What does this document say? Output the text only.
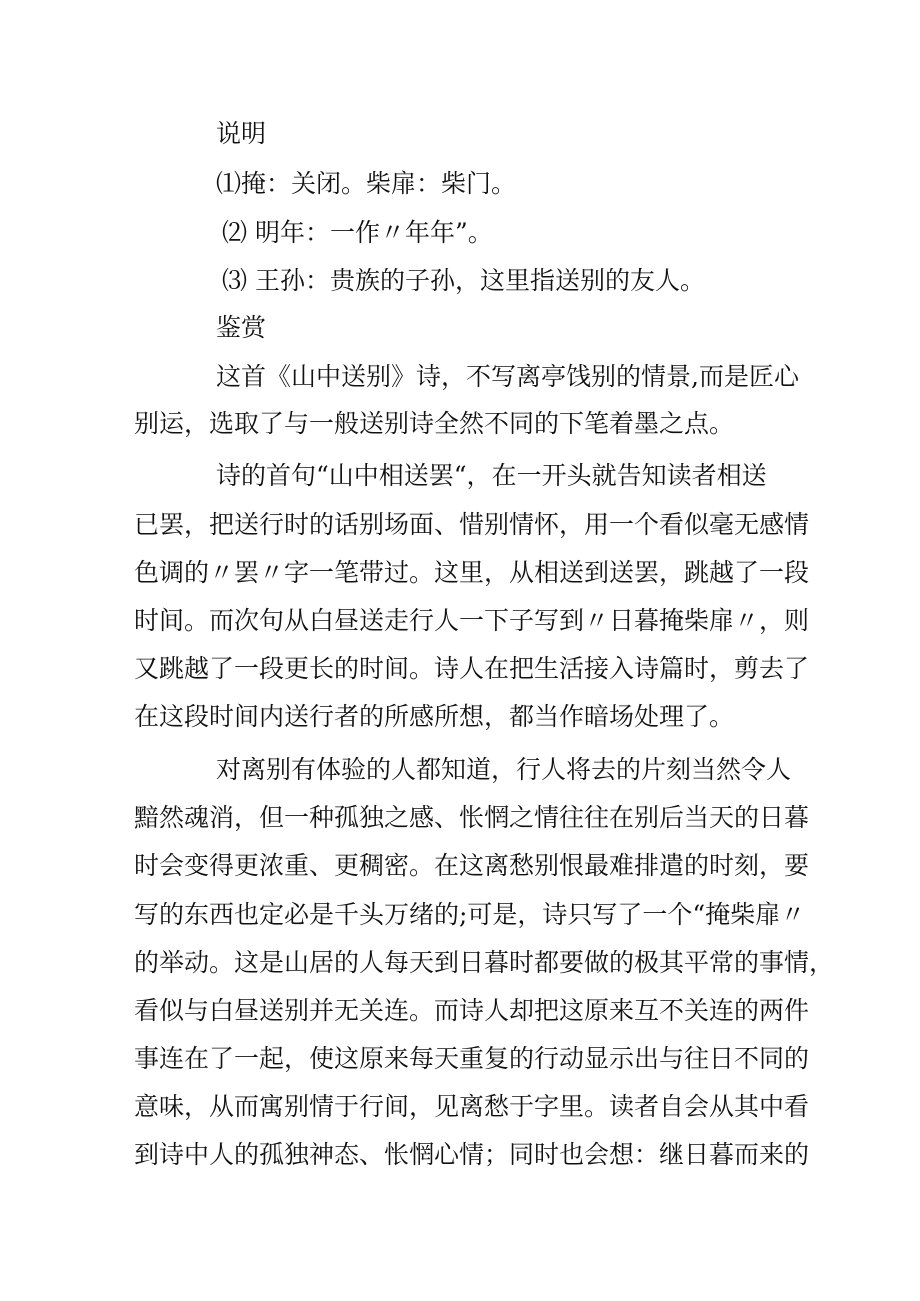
说明
⑴掩：关闭。柴扉：柴门。
⑵ 明年：一作〃年年”。
⑶ 王孙：贵族的子孙，这里指送别的友人。
鉴赏
这首《山中送别》诗，不写离亭饯别的情景,而是匠心
别运，选取了与一般送别诗全然不同的下笔着墨之点。
诗的首句“山中相送罢“，在一开头就告知读者相送
已罢，把送行时的话别场面、惜别情怀，用一个看似毫无感情
色调的〃罢〃字一笔带过。这里，从相送到送罢，跳越了一段
时间。而次句从白昼送走行人一下子写到〃日暮掩柴扉〃，则
又跳越了一段更长的时间。诗人在把生活接入诗篇时，剪去了
在这段时间内送行者的所感所想，都当作暗场处理了。
对离别有体验的人都知道，行人将去的片刻当然令人
黯然魂消，但一种孤独之感、怅惘之情往往在别后当天的日暮
时会变得更浓重、更稠密。在这离愁别恨最难排遣的时刻，要
写的东西也定必是千头万绪的;可是，诗只写了一个“掩柴扉〃
的举动。这是山居的人每天到日暮时都要做的极其平常的事情，
看似与白昼送别并无关连。而诗人却把这原来互不关连的两件
事连在了一起，使这原来每天重复的行动显示出与往日不同的
意味，从而寓别情于行间，见离愁于字里。读者自会从其中看
到诗中人的孤独神态、怅惘心情；同时也会想：继日暮而来的
